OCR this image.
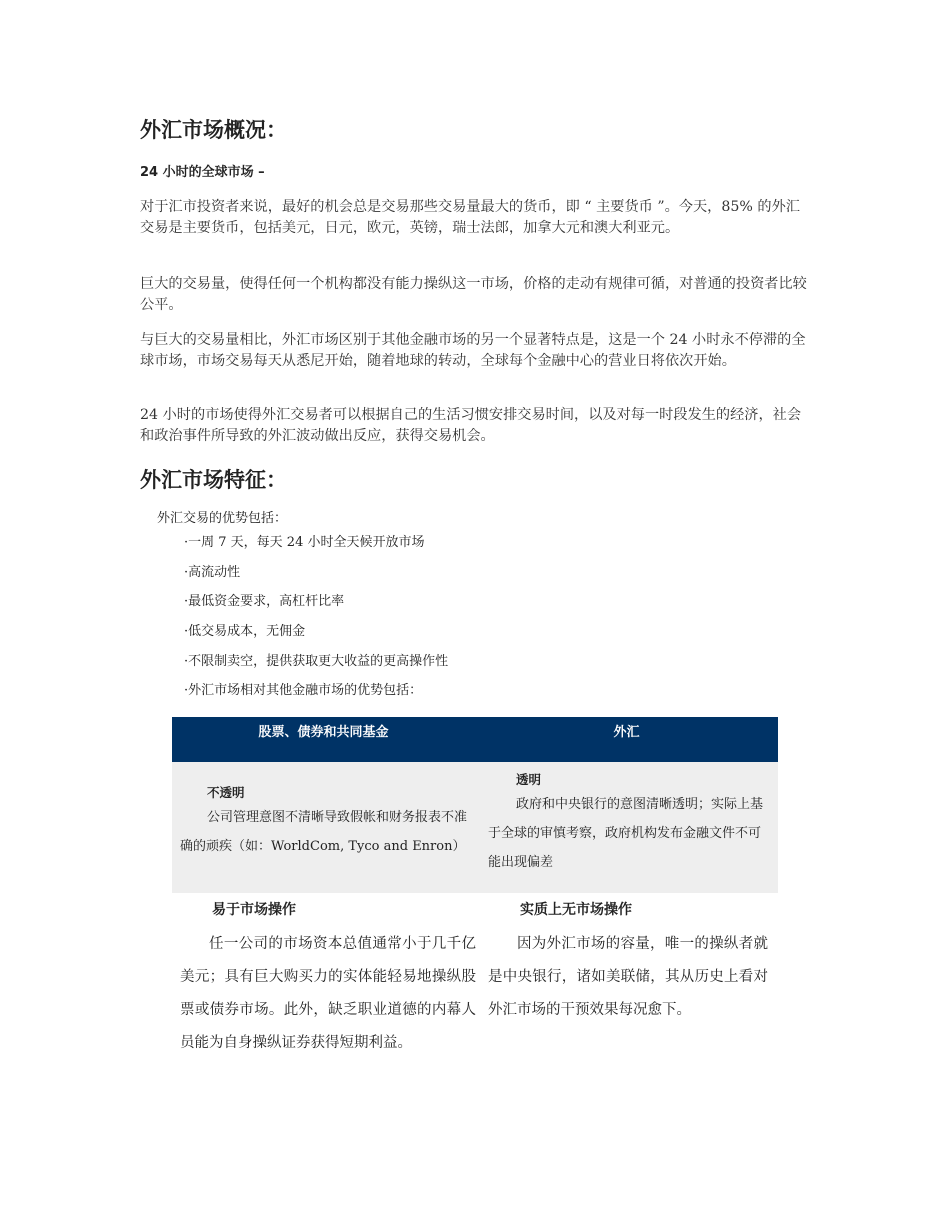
外汇市场概况：
24 小时的全球市场 –
对于汇市投资者来说，最好的机会总是交易那些交易量最大的货币，即 “ 主要货币 ”。今天，85% 的外汇交易是主要货币，包括美元，日元，欧元，英镑，瑞士法郎，加拿大元和澳大利亚元。
巨大的交易量，使得任何一个机构都没有能力操纵这一市场，价格的走动有规律可循，对普通的投资者比较公平。
与巨大的交易量相比，外汇市场区别于其他金融市场的另一个显著特点是，这是一个 24 小时永不停滞的全球市场，市场交易每天从悉尼开始，随着地球的转动，全球每个金融中心的营业日将依次开始。
24 小时的市场使得外汇交易者可以根据自己的生活习惯安排交易时间，以及对每一时段发生的经济，社会和政治事件所导致的外汇波动做出反应，获得交易机会。
外汇市场特征：
外汇交易的优势包括：
·一周 7 天，每天 24 小时全天候开放市场
·高流动性
·最低资金要求，高杠杆比率
·低交易成本，无佣金
·不限制卖空，提供获取更大收益的更高操作性
·外汇市场相对其他金融市场的优势包括：
股票、债券和共同基金	外汇
不透明
公司管理意图不清晰导致假帐和财务报表不准确的顽疾（如：WorldCom, Tyco and Enron）
透明
政府和中央银行的意图清晰透明；实际上基于全球的审慎考察，政府机构发布金融文件不可能出现偏差
易于市场操作
任一公司的市场资本总值通常小于几千亿美元；具有巨大购买力的实体能轻易地操纵股票或债券市场。此外，缺乏职业道德的内幕人员能为自身操纵证券获得短期利益。
实质上无市场操作
因为外汇市场的容量，唯一的操纵者就是中央银行，诸如美联储，其从历史上看对外汇市场的干预效果每况愈下。
